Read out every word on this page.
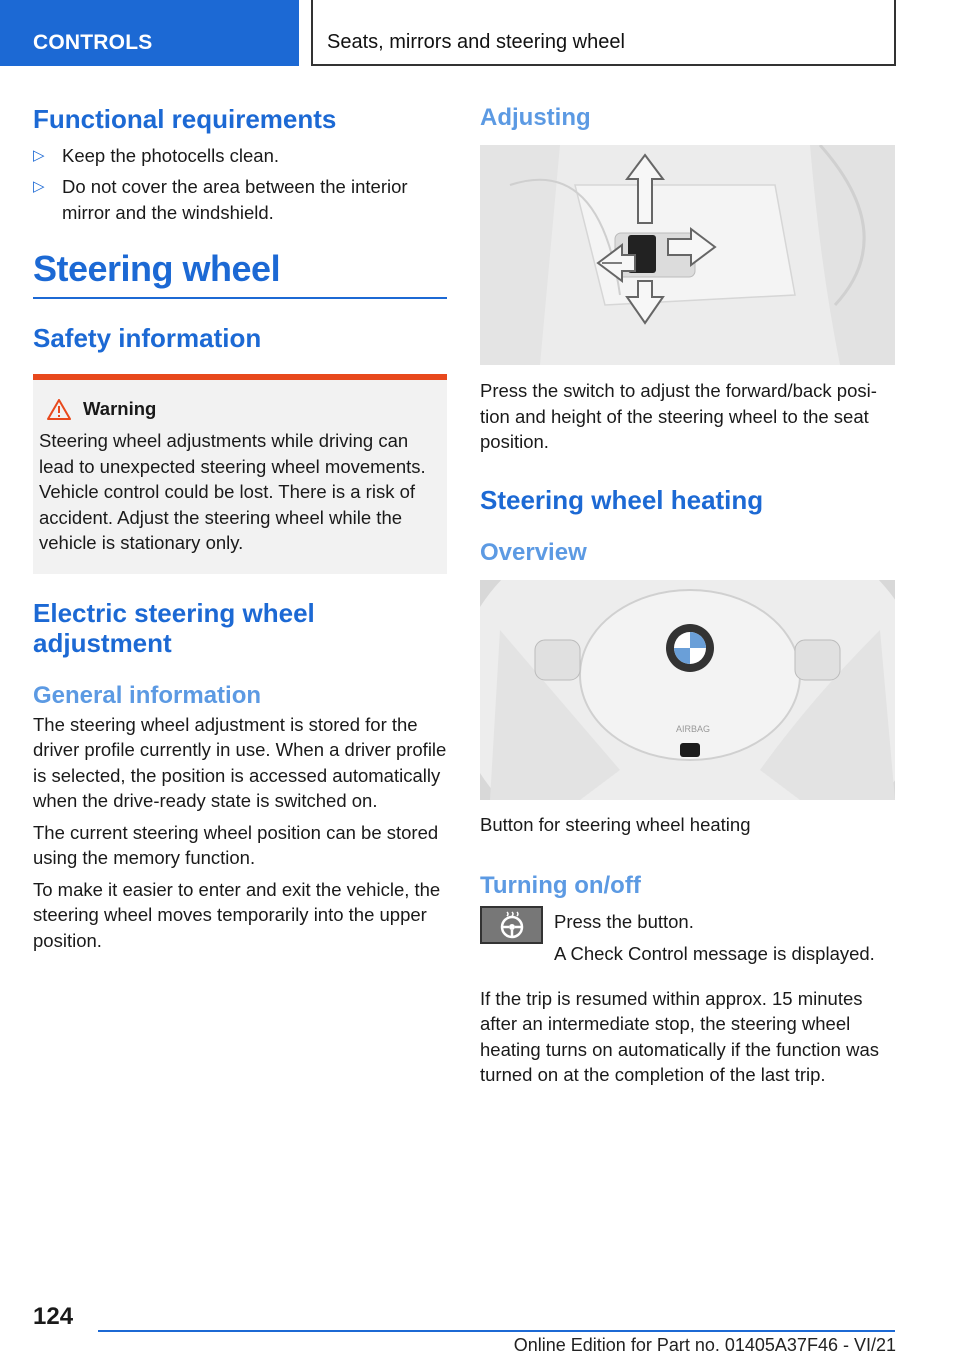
CONTROLS	Seats, mirrors and steering wheel
Functional requirements
▷ Keep the photocells clean.
▷ Do not cover the area between the interior mirror and the windshield.
Steering wheel
Safety information
Warning

Steering wheel adjustments while driving can lead to unexpected steering wheel movements. Vehicle control could be lost. There is a risk of accident. Adjust the steering wheel while the vehicle is stationary only.

Electric steering wheel adjustment
General information

The steering wheel adjustment is stored for the driver profile currently in use. When a driver profile is selected, the position is accessed automatically when the drive-ready state is switched on.

The current steering wheel position can be stored using the memory function.

To make it easier to enter and exit the vehicle, the steering wheel moves temporarily into the upper position.

Adjusting

Press the switch to adjust the forward/back position and height of the steering wheel to the seat position.

Steering wheel heating
Overview
AIRBAG

Button for steering wheel heating

Turning on/off

Press the button.

A Check Control message is displayed.

If the trip is resumed within approx. 15 minutes after an intermediate stop, the steering wheel heating turns on automatically if the function was turned on at the completion of the last trip.

124
Online Edition for Part no. 01405A37F46 - VI/21
